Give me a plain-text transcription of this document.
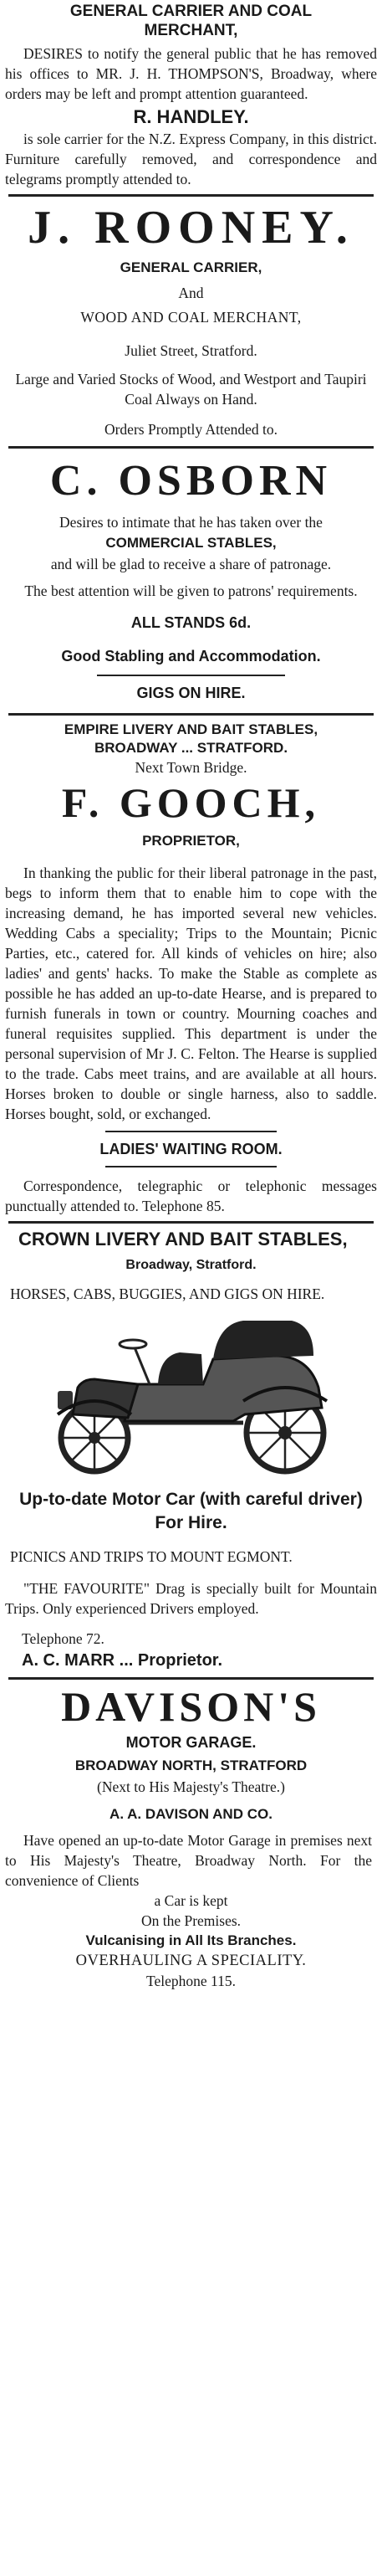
GENERAL CARRIER AND COAL MERCHANT,

DESIRES to notify the general public that he has removed his offices to MR. J. H. THOMPSON'S, Broadway, where orders may be left and prompt attention guaranteed.

R. HANDLEY.

is sole carrier for the N.Z. Express Company, in this district. Furniture carefully removed, and correspondence and telegrams promptly attended to.

J. ROONEY.

GENERAL CARRIER,

And

WOOD AND COAL MERCHANT,

Juliet Street, Stratford.

Large and Varied Stocks of Wood, and Westport and Taupiri Coal Always on Hand.

Orders Promptly Attended to.

C. OSBORN

Desires to intimate that he has taken over the

COMMERCIAL STABLES,

and will be glad to receive a share of patronage.

The best attention will be given to patrons' requirements.

ALL STANDS 6d.

Good Stabling and Accommodation.

GIGS ON HIRE.

EMPIRE LIVERY AND BAIT STABLES,

BROADWAY ... STRATFORD.

Next Town Bridge.

F. GOOCH,

PROPRIETOR,

In thanking the public for their liberal patronage in the past, begs to inform them that to enable him to cope with the increasing demand, he has imported several new vehicles. Wedding Cabs a speciality; Trips to the Mountain; Picnic Parties, etc., catered for. All kinds of vehicles on hire; also ladies' and gents' hacks. To make the Stable as complete as possible he has added an up-to-date Hearse, and is prepared to furnish funerals in town or country. Mourning coaches and funeral requisites supplied. This department is under the personal supervision of Mr J. C. Felton. The Hearse is supplied to the trade. Cabs meet trains, and are available at all hours. Horses broken to double or single harness, also to saddle. Horses bought, sold, or exchanged.

LADIES' WAITING ROOM.

Correspondence, telegraphic or telephonic messages punctually attended to. Telephone 85.

CROWN LIVERY AND BAIT STABLES,

Broadway, Stratford.

HORSES, CABS, BUGGIES, AND GIGS ON HIRE.

Up-to-date Motor Car (with careful driver) For Hire.

PICNICS AND TRIPS TO MOUNT EGMONT.

"THE FAVOURITE" Drag is specially built for Mountain Trips. Only experienced Drivers employed.

Telephone 72.

A. C. MARR ... Proprietor.

DAVISON'S

MOTOR GARAGE.

BROADWAY NORTH, STRATFORD

(Next to His Majesty's Theatre.)

A. A. DAVISON AND CO.

Have opened an up-to-date Motor Garage in premises next to His Majesty's Theatre, Broadway North. For the convenience of Clients

a Car is kept

On the Premises.

Vulcanising in All Its Branches.

OVERHAULING A SPECIALITY.

Telephone 115.
